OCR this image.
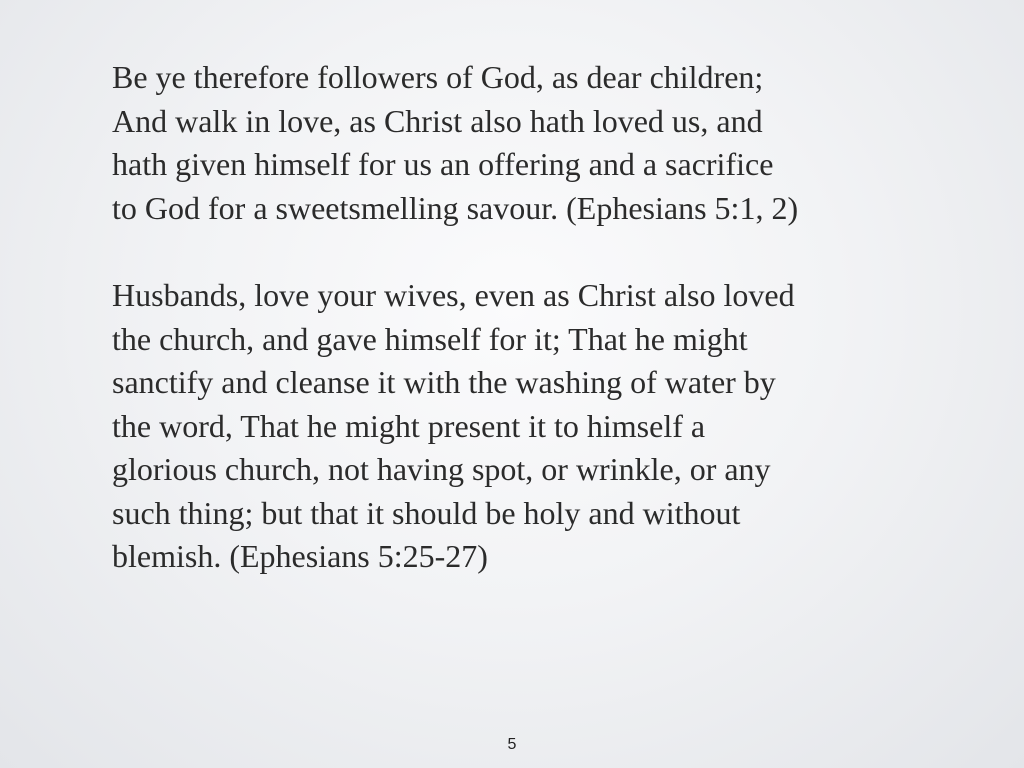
Be ye therefore followers of God, as dear children;
And walk in love, as Christ also hath loved us, and
hath given himself for us an offering and a sacrifice
to God for a sweetsmelling savour. (Ephesians 5:1, 2)

Husbands, love your wives, even as Christ also loved
the church, and gave himself for it; That he might
sanctify and cleanse it with the washing of water by
the word, That he might present it to himself a
glorious church, not having spot, or wrinkle, or any
such thing; but that it should be holy and without
blemish. (Ephesians 5:25-27)

5
